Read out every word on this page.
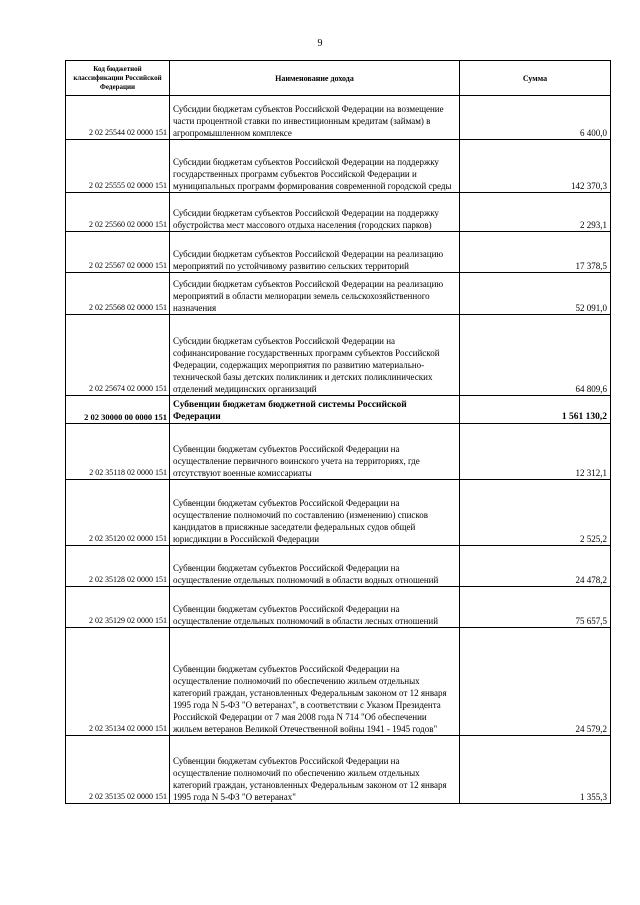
9
Код бюджетной классификации Российской Федерации	Наименование дохода	Сумма
2 02 25544 02 0000 151	Субсидии бюджетам субъектов Российской Федерации на возмещение части процентной ставки по инвестиционным кредитам (займам) в агропромышленном комплексе	6 400,0
2 02 25555 02 0000 151	Субсидии бюджетам субъектов Российской Федерации на поддержку государственных программ субъектов Российской Федерации и муниципальных программ формирования современной городской среды	142 370,3
2 02 25560 02 0000 151	Субсидии бюджетам субъектов Российской Федерации на поддержку обустройства мест массового отдыха населения (городских парков)	2 293,1
2 02 25567 02 0000 151	Субсидии бюджетам субъектов Российской Федерации на реализацию мероприятий по устойчивому развитию сельских территорий	17 378,5
2 02 25568 02 0000 151	Субсидии бюджетам субъектов Российской Федерации на реализацию мероприятий в области мелиорации земель сельскохозяйственного назначения	52 091,0
2 02 25674 02 0000 151	Субсидии бюджетам субъектов Российской Федерации на софинансирование государственных программ субъектов Российской Федерации, содержащих мероприятия по развитию материально-технической базы детских поликлиник и детских поликлинических отделений медицинских организаций	64 809,6
2 02 30000 00 0000 151	Субвенции бюджетам бюджетной системы Российской Федерации	1 561 130,2
2 02 35118 02 0000 151	Субвенции бюджетам субъектов Российской Федерации на осуществление первичного воинского учета на территориях, где отсутствуют военные комиссариаты	12 312,1
2 02 35120 02 0000 151	Субвенции бюджетам субъектов Российской Федерации на осуществление полномочий по составлению (изменению) списков кандидатов в присяжные заседатели федеральных судов общей юрисдикции в Российской Федерации	2 525,2
2 02 35128 02 0000 151	Субвенции бюджетам субъектов Российской Федерации на осуществление отдельных полномочий в области водных отношений	24 478,2
2 02 35129 02 0000 151	Субвенции бюджетам субъектов Российской Федерации на осуществление отдельных полномочий в области лесных отношений	75 657,5
2 02 35134 02 0000 151	Субвенции бюджетам субъектов Российской Федерации на осуществление полномочий по обеспечению жильем отдельных категорий граждан, установленных Федеральным законом от 12 января 1995 года N 5-ФЗ "О ветеранах", в соответствии с Указом Президента Российской Федерации от 7 мая 2008 года N 714 "Об обеспечении жильем ветеранов Великой Отечественной войны 1941 - 1945 годов"	24 579,2
2 02 35135 02 0000 151	Субвенции бюджетам субъектов Российской Федерации на осуществление полномочий по обеспечению жильем отдельных категорий граждан, установленных Федеральным законом от 12 января 1995 года N 5-ФЗ "О ветеранах"	1 355,3
